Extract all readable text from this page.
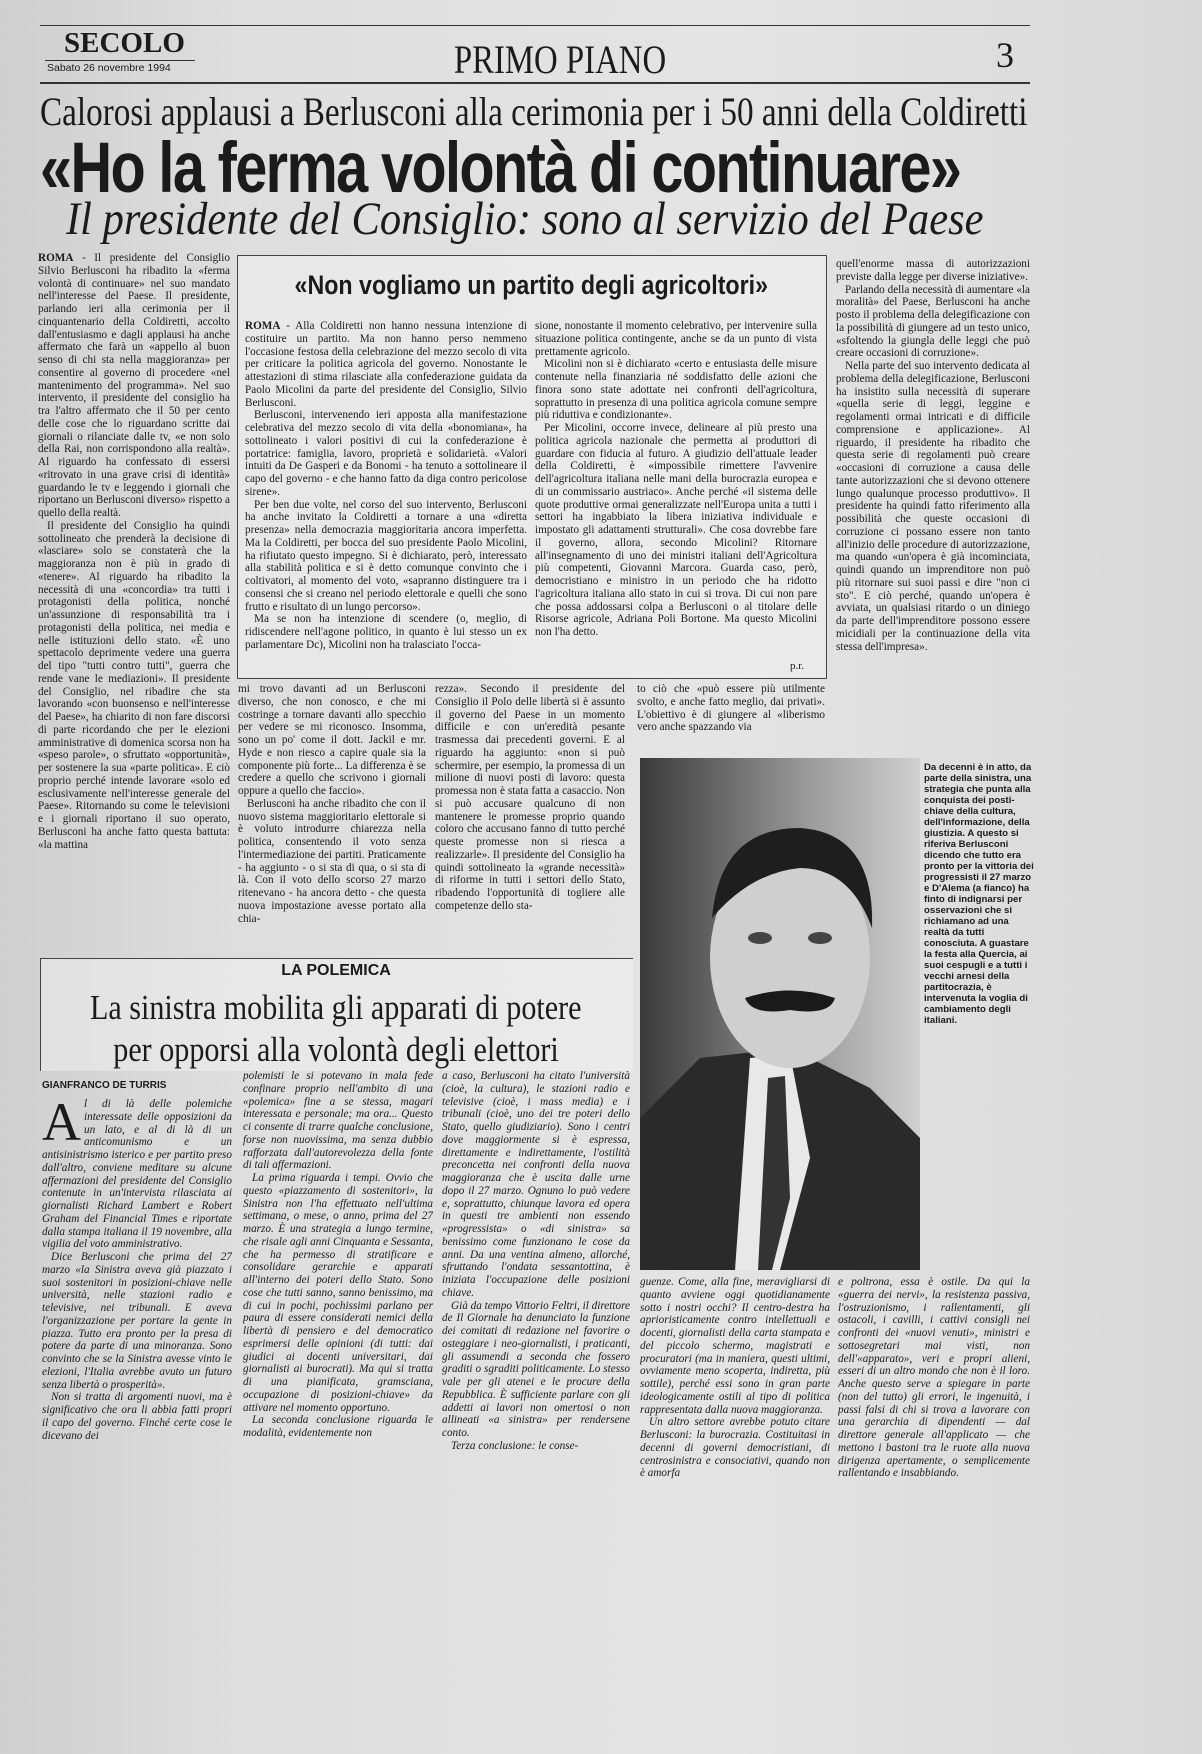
SECOLO
Sabato 26 novembre 1994	PRIMO PIANO	3
Calorosi applausi a Berlusconi alla cerimonia per i 50 anni della Coldiretti
«Ho la ferma volontà di continuare»
Il presidente del Consiglio: sono al servizio del Paese

ROMA - Il presidente del Consiglio Silvio Berlusconi ha ribadito la «ferma volontà di continuare» nel suo mandato nell'interesse del Paese. Il presidente, parlando ieri alla cerimonia per il cinquantenario della Coldiretti, accolto dall'entusiasmo e dagli applausi ha anche affermato che farà un «appello al buon senso di chi sta nella maggioranza» per consentire al governo di procedere «nel mantenimento del programma». Nel suo intervento, il presidente del consiglio ha tra l'altro affermato che il 50 per cento delle cose che lo riguardano scritte dai giornali o rilanciate dalle tv, «e non solo della Rai, non corrispondono alla realtà». Al riguardo ha confessato di essersi «ritrovato in una grave crisi di identità» guardando le tv e leggendo i giornali che riportano un Berlusconi diverso» rispetto a quello della realtà.

Il presidente del Consiglio ha quindi sottolineato che prenderà la decisione di «lasciare» solo se constaterà che la maggioranza non è più in grado di «tenere». Al riguardo ha ribadito la necessità di una «concordia» tra tutti i protagonisti della politica, nonché un'assunzione di responsabilità tra i protagonisti della politica, nei media e nelle istituzioni dello stato. «È uno spettacolo deprimente vedere una guerra del tipo "tutti contro tutti", guerra che rende vane le mediazioni». Il presidente del Consiglio, nel ribadire che sta lavorando «con buonsenso e nell'interesse del Paese», ha chiarito di non fare discorsi di parte ricordando che per le elezioni amministrative di domenica scorsa non ha «speso parole», o sfruttato «opportunità», per sostenere la sua «parte politica». E ciò proprio perché intende lavorare «solo ed esclusivamente nell'interesse generale del Paese». Ritornando su come le televisioni e i giornali riportano il suo operato, Berlusconi ha anche fatto questa battuta: «la mattina

«Non vogliamo un partito degli agricoltori»

ROMA - Alla Coldiretti non hanno nessuna intenzione di costituire un partito. Ma non hanno perso nemmeno l'occasione festosa della celebrazione del mezzo secolo di vita per criticare la politica agricola del governo. Nonostante le attestazioni di stima rilasciate alla confederazione guidata da Paolo Micolini da parte del presidente del Consiglio, Silvio Berlusconi.

Berlusconi, intervenendo ieri apposta alla manifestazione celebrativa del mezzo secolo di vita della «bonomiana», ha sottolineato i valori positivi di cui la confederazione è portatrice: famiglia, lavoro, proprietà e solidarietà. «Valori intuiti da De Gasperi e da Bonomi - ha tenuto a sottolineare il capo del governo - e che hanno fatto da diga contro pericolose sirene».

Per ben due volte, nel corso del suo intervento, Berlusconi ha anche invitato la Coldiretti a tornare a una «diretta presenza» nella democrazia maggioritaria ancora imperfetta. Ma la Coldiretti, per bocca del suo presidente Paolo Micolini, ha rifiutato questo impegno. Si è dichiarato, però, interessato alla stabilità politica e si è detto comunque convinto che i coltivatori, al momento del voto, «sapranno distinguere tra i consensi che si creano nel periodo elettorale e quelli che sono frutto e risultato di un lungo percorso».

Ma se non ha intenzione di scendere (o, meglio, di ridiscendere nell'agone politico, in quanto è lui stesso un ex parlamentare Dc), Micolini non ha tralasciato l'occa-

sione, nonostante il momento celebrativo, per intervenire sulla situazione politica contingente, anche se da un punto di vista prettamente agricolo.

Micolini non si è dichiarato «certo e entusiasta delle misure contenute nella finanziaria né soddisfatto delle azioni che finora sono state adottate nei confronti dell'agricoltura, soprattutto in presenza di una politica agricola comune sempre più riduttiva e condizionante».

Per Micolini, occorre invece, delineare al più presto una politica agricola nazionale che permetta ai produttori di guardare con fiducia al futuro. A giudizio dell'attuale leader della Coldiretti, è «impossibile rimettere l'avvenire dell'agricoltura italiana nelle mani della burocrazia europea e di un commissario austriaco». Anche perché «il sistema delle quote produttive ormai generalizzate nell'Europa unita a tutti i settori ha ingabbiato la libera iniziativa individuale e impostato gli adattamenti strutturali». Che cosa dovrebbe fare il governo, allora, secondo Micolini? Ritornare all'insegnamento di uno dei ministri italiani dell'Agricoltura più competenti, Giovanni Marcora. Guarda caso, però, democristiano e ministro in un periodo che ha ridotto l'agricoltura italiana allo stato in cui si trova. Di cui non pare che possa addossarsi colpa a Berlusconi o al titolare delle Risorse agricole, Adriana Poli Bortone. Ma questo Micolini non l'ha detto.

p.r.

mi trovo davanti ad un Berlusconi diverso, che non conosco, e che mi costringe a tornare davanti allo specchio per vedere se mi riconosco. Insomma, sono un po' come il dott. Jackil e mr. Hyde e non riesco a capire quale sia la componente più forte... La differenza è se credere a quello che scrivono i giornali oppure a quello che faccio».

Berlusconi ha anche ribadito che con il nuovo sistema maggioritario elettorale si è voluto introdurre chiarezza nella politica, consentendo il voto senza l'intermediazione dei partiti. Praticamente - ha aggiunto - o si sta di qua, o si sta di là. Con il voto dello scorso 27 marzo ritenevano - ha ancora detto - che questa nuova impostazione avesse portato alla chia-

rezza». Secondo il presidente del Consiglio il Polo delle libertà si è assunto il governo del Paese in un momento difficile e con un'eredità pesante trasmessa dai precedenti governi. E al riguardo ha aggiunto: «non si può schermire, per esempio, la promessa di un milione di nuovi posti di lavoro: questa promessa non è stata fatta a casaccio. Non si può accusare qualcuno di non mantenere le promesse proprio quando coloro che accusano fanno di tutto perché queste promesse non si riesca a realizzarle». Il presidente del Consiglio ha quindi sottolineato la «grande necessità» di riforme in tutti i settori dello Stato, ribadendo l'opportunità di togliere alle competenze dello sta-

to ciò che «può essere più utilmente svolto, e anche fatto meglio, dai privati». L'obiettivo è di giungere al «liberismo vero anche spazzando via

quell'enorme massa di autorizzazioni previste dalla legge per diverse iniziative».

Parlando della necessità di aumentare «la moralità» del Paese, Berlusconi ha anche posto il problema della delegificazione con la possibilità di giungere ad un testo unico, «sfoltendo la giungla delle leggi che può creare occasioni di corruzione».

Nella parte del suo intervento dedicata al problema della delegificazione, Berlusconi ha insistito sulla necessità di superare «quella serie di leggi, leggine e regolamenti ormai intricati e di difficile comprensione e applicazione». Al riguardo, il presidente ha ribadito che questa serie di regolamenti può creare «occasioni di corruzione a causa delle tante autorizzazioni che si devono ottenere lungo qualunque processo produttivo». Il presidente ha quindi fatto riferimento alla possibilità che queste occasioni di corruzione ci possano essere non tanto all'inizio delle procedure di autorizzazione, ma quando «un'opera è già incominciata, quindi quando un imprenditore non può più ritornare sui suoi passi e dire "non ci sto". E ciò perché, quando un'opera è avviata, un qualsiasi ritardo o un diniego da parte dell'imprenditore possono essere micidiali per la continuazione della vita stessa dell'impresa».

Da decenni è in atto, da parte della sinistra, una strategia che punta alla conquista dei posti-chiave della cultura, dell'informazione, della giustizia. A questo si riferiva Berlusconi dicendo che tutto era pronto per la vittoria dei progressisti il 27 marzo e D'Alema (a fianco) ha finto di indignarsi per osservazioni che si richiamano ad una realtà da tutti conosciuta. A guastare la festa alla Quercia, ai suoi cespugli e a tutti i vecchi arnesi della partitocrazia, è intervenuta la voglia di cambiamento degli italiani.
LA POLEMICA
La sinistra mobilita gli apparati di potere
per opporsi alla volontà degli elettori
GIANFRANCO DE TURRIS

Al di là delle polemiche interessate delle opposizioni da un lato, e al di là di un anticomunismo e un antisinistrismo isterico e per partito preso dall'altro, conviene meditare su alcune affermazioni del presidente del Consiglio contenute in un'intervista rilasciata ai giornalisti Richard Lambert e Robert Graham del Financial Times e riportate dalla stampa italiana il 19 novembre, alla vigilia del voto amministrativo.

Dice Berlusconi che prima del 27 marzo «la Sinistra aveva già piazzato i suoi sostenitori in posizioni-chiave nelle università, nelle stazioni radio e televisive, nei tribunali. E aveva l'organizzazione per portare la gente in piazza. Tutto era pronto per la presa di potere da parte di una minoranza. Sono convinto che se la Sinistra avesse vinto le elezioni, l'Italia avrebbe avuto un futuro senza libertà o prosperità».

Non si tratta di argomenti nuovi, ma è significativo che ora li abbia fatti propri il capo del governo. Finché certe cose le dicevano dei

polemisti le si potevano in mala fede confinare proprio nell'ambito di una «polemica» fine a se stessa, magari interessata e personale; ma ora... Questo ci consente di trarre qualche conclusione, forse non nuovissima, ma senza dubbio rafforzata dall'autorevolezza della fonte di tali affermazioni.

La prima riguarda i tempi. Ovvio che questo «piazzamento di sostenitori», la Sinistra non l'ha effettuato nell'ultima settimana, o mese, o anno, prima del 27 marzo. È una strategia a lungo termine, che risale agli anni Cinquanta e Sessanta, che ha permesso di stratificare e consolidare gerarchie e apparati all'interno dei poteri dello Stato. Sono cose che tutti sanno, sanno benissimo, ma di cui in pochi, pochissimi parlano per paura di essere considerati nemici della libertà di pensiero e del democratico esprimersi delle opinioni (di tutti: dai giudici ai docenti universitari, dai giornalisti ai burocrati). Ma qui si tratta di una pianificata, gramsciana, occupazione di posizioni-chiave» da attivare nel momento opportuno.

La seconda conclusione riguarda le modalità, evidentemente non

a caso, Berlusconi ha citato l'università (cioè, la cultura), le stazioni radio e televisive (cioè, i mass media) e i tribunali (cioè, uno dei tre poteri dello Stato, quello giudiziario). Sono i centri dove maggiormente si è espressa, direttamente e indirettamente, l'ostilità preconcetta nei confronti della nuova maggioranza che è uscita dalle urne dopo il 27 marzo. Ognuno lo può vedere e, soprattutto, chiunque lavora ed opera in questi tre ambienti non essendo «progressista» o «di sinistra» sa benissimo come funzionano le cose da anni. Da una ventina almeno, allorché, sfruttando l'ondata sessantottina, è iniziata l'occupazione delle posizioni chiave.

Già da tempo Vittorio Feltri, il direttore de Il Giornale ha denunciato la funzione dei comitati di redazione nel favorire o osteggiare i neo-giornalisti, i praticanti, gli assumendi a seconda che fossero graditi o sgraditi politicamente. Lo stesso vale per gli atenei e le procure della Repubblica. È sufficiente parlare con gli addetti ai lavori non omertosi o non allineati «a sinistra» per rendersene conto.

Terza conclusione: le conse-

guenze. Come, alla fine, meravigliarsi di quanto avviene oggi quotidianamente sotto i nostri occhi? Il centro-destra ha aprioristicamente contro intellettuali e docenti, giornalisti della carta stampata e del piccolo schermo, magistrati e procuratori (ma in maniera, questi ultimi, ovviamente meno scoperta, indiretta, più sottile), perché essi sono in gran parte ideologicamente ostili al tipo di politica rappresentata dalla nuova maggioranza.

Un altro settore avrebbe potuto citare Berlusconi: la burocrazia. Costituitasi in decenni di governi democristiani, di centrosinistra e consociativi, quando non è amorfa

e poltrona, essa è ostile. Da qui la «guerra dei nervi», la resistenza passiva, l'ostruzionismo, i rallentamenti, gli ostacoli, i cavilli, i cattivi consigli nei confronti dei «nuovi venuti», ministri e sottosegretari mai visti, non dell'«apparato», veri e propri alieni, esseri di un altro mondo che non è il loro. Anche questo serve a spiegare in parte (non del tutto) gli errori, le ingenuità, i passi falsi di chi si trova a lavorare con una gerarchia di dipendenti — dal direttore generale all'applicato — che mettono i bastoni tra le ruote alla nuova dirigenza apertamente, o semplicemente rallentando e insabbiando.
